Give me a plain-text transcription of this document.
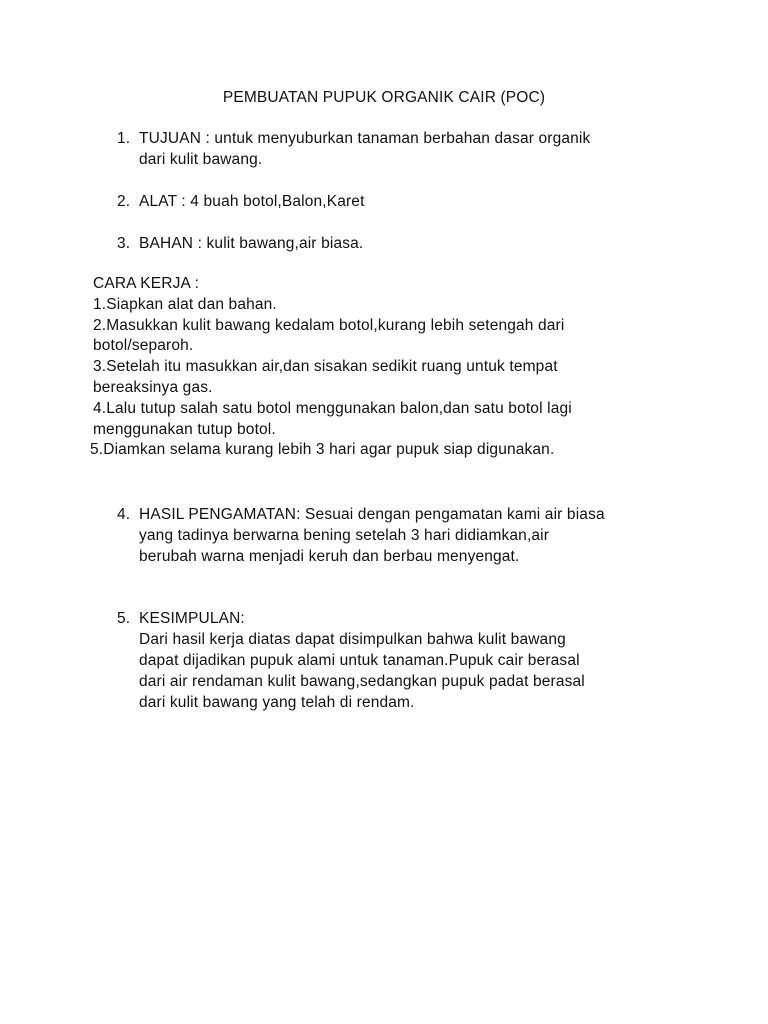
PEMBUATAN PUPUK ORGANIK CAIR (POC)
1. TUJUAN : untuk menyuburkan tanaman berbahan dasar organik
dari kulit bawang.
2. ALAT : 4 buah botol,Balon,Karet
3. BAHAN : kulit bawang,air biasa.
CARA KERJA :
1.Siapkan alat dan bahan.
2.Masukkan kulit bawang kedalam botol,kurang lebih setengah dari
botol/separoh.
3.Setelah itu masukkan air,dan sisakan sedikit ruang untuk tempat
bereaksinya gas.
4.Lalu tutup salah satu botol menggunakan balon,dan satu botol lagi
menggunakan tutup botol.
5.Diamkan selama kurang lebih 3 hari agar pupuk siap digunakan.
4. HASIL PENGAMATAN: Sesuai dengan pengamatan kami air biasa
yang tadinya berwarna bening setelah 3 hari didiamkan,air
berubah warna menjadi keruh dan berbau menyengat.
5. KESIMPULAN:
Dari hasil kerja diatas dapat disimpulkan bahwa kulit bawang
dapat dijadikan pupuk alami untuk tanaman.Pupuk cair berasal
dari air rendaman kulit bawang,sedangkan pupuk padat berasal
dari kulit bawang yang telah di rendam.
